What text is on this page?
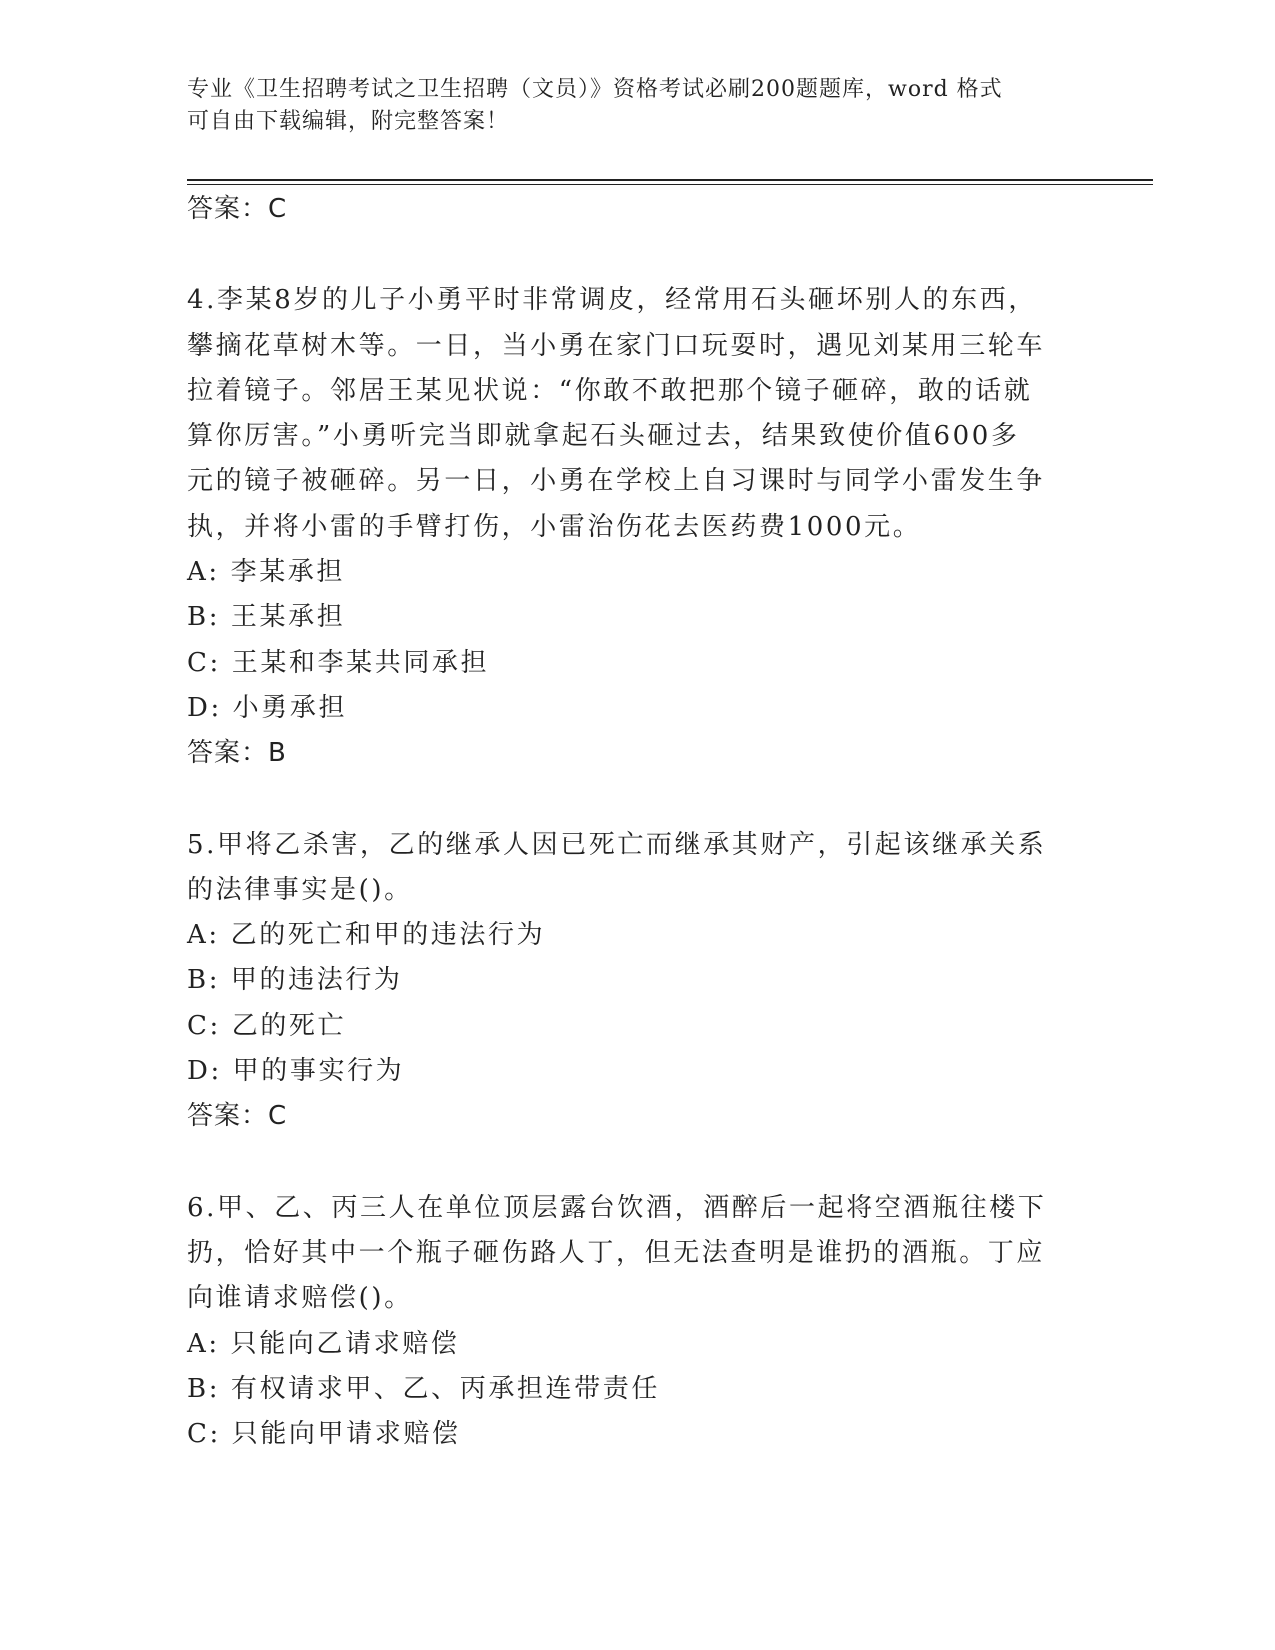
专业《卫生招聘考试之卫生招聘（文员）》资格考试必刷200题题库，word 格式
可自由下载编辑，附完整答案！
答案：C
4.李某8岁的儿子小勇平时非常调皮，经常用石头砸坏别人的东西，
攀摘花草树木等。一日，当小勇在家门口玩耍时，遇见刘某用三轮车
拉着镜子。邻居王某见状说：“你敢不敢把那个镜子砸碎，敢的话就
算你厉害。”小勇听完当即就拿起石头砸过去，结果致使价值600多
元的镜子被砸碎。另一日，小勇在学校上自习课时与同学小雷发生争
执，并将小雷的手臂打伤，小雷治伤花去医药费1000元。
A: 李某承担
B: 王某承担
C: 王某和李某共同承担
D: 小勇承担
答案：B
5.甲将乙杀害，乙的继承人因已死亡而继承其财产，引起该继承关系
的法律事实是()。
A: 乙的死亡和甲的违法行为
B: 甲的违法行为
C: 乙的死亡
D: 甲的事实行为
答案：C
6.甲、乙、丙三人在单位顶层露台饮酒，酒醉后一起将空酒瓶往楼下
扔，恰好其中一个瓶子砸伤路人丁，但无法查明是谁扔的酒瓶。丁应
向谁请求赔偿()。
A: 只能向乙请求赔偿
B: 有权请求甲、乙、丙承担连带责任
C: 只能向甲请求赔偿
